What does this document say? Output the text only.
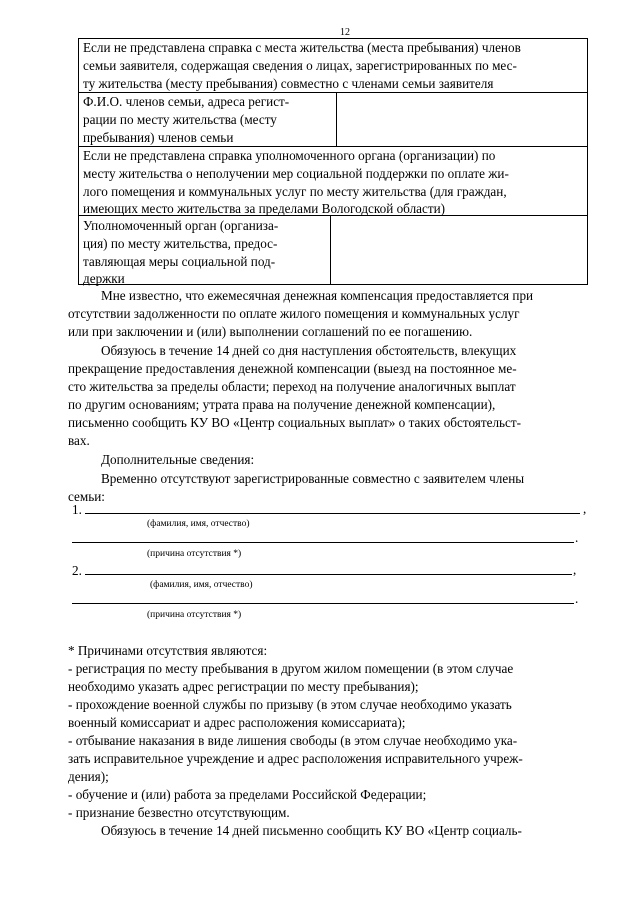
12
Если не представлена справка с места жительства (места пребывания) членов
семьи заявителя, содержащая сведения о лицах, зарегистрированных по мес-
ту жительства (месту пребывания) совместно с членами семьи заявителя
Ф.И.О. членов семьи, адреса регист-
рации по месту жительства (месту
пребывания) членов семьи
Если не представлена справка уполномоченного органа (организации) по
месту жительства о неполучении мер социальной поддержки по оплате жи-
лого помещения и коммунальных услуг по месту жительства (для граждан,
имеющих место жительства за пределами Вологодской области)
Уполномоченный орган (организа-
ция) по месту жительства, предос-
тавляющая меры социальной под-
держки
Мне известно, что ежемесячная денежная компенсация предоставляется при
отсутствии задолженности по оплате жилого помещения и коммунальных услуг
или при заключении и (или) выполнении соглашений по ее погашению.
Обязуюсь в течение 14 дней со дня наступления обстоятельств, влекущих
прекращение предоставления денежной компенсации (выезд на постоянное ме-
сто жительства за пределы области; переход на получение аналогичных выплат
по другим основаниям; утрата права на получение денежной компенсации),
письменно сообщить КУ ВО «Центр социальных выплат» о таких обстоятельст-
вах.
Дополнительные сведения:
Временно отсутствуют зарегистрированные совместно с заявителем члены
семьи:
1.	,
(фамилия, имя, отчество)
.
(причина отсутствия *)
2.	,
(фамилия, имя, отчество)
.
(причина отсутствия *)
* Причинами отсутствия являются:
- регистрация по месту пребывания в другом жилом помещении (в этом случае
необходимо указать адрес регистрации по месту пребывания);
- прохождение военной службы по призыву (в этом случае необходимо указать
военный комиссариат и адрес расположения комиссариата);
- отбывание наказания в виде лишения свободы (в этом случае необходимо ука-
зать исправительное учреждение и адрес расположения исправительного учреж-
дения);
- обучение и (или) работа за пределами Российской Федерации;
- признание безвестно отсутствующим.
Обязуюсь в течение 14 дней письменно сообщить КУ ВО «Центр социаль-
